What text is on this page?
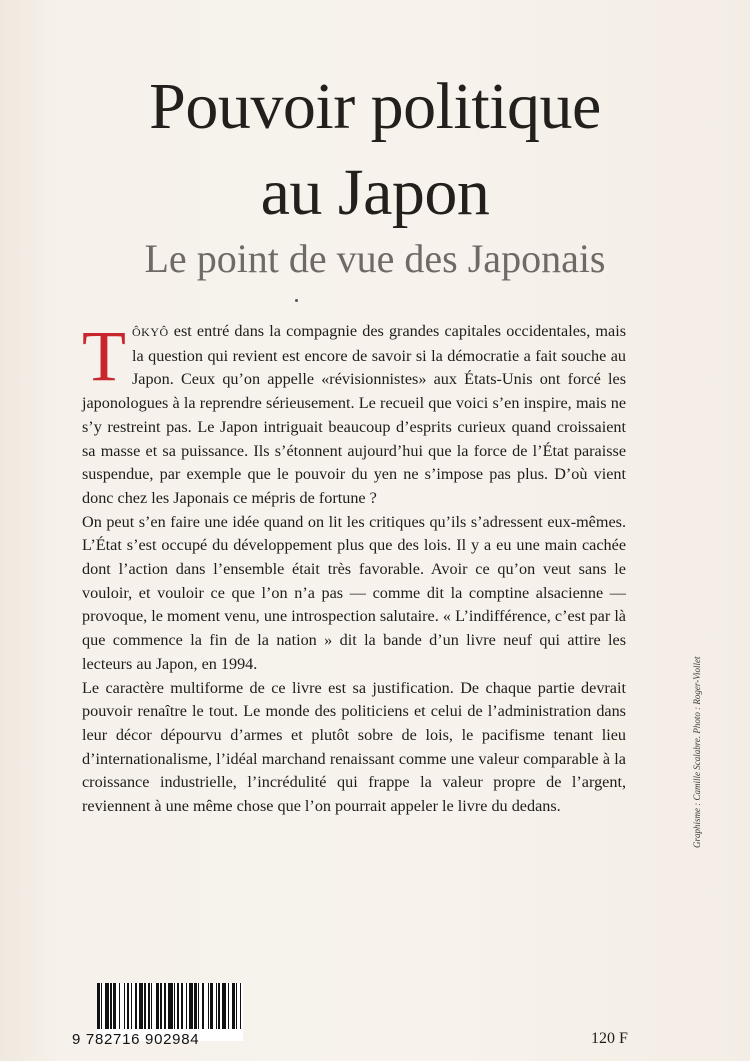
Pouvoir politique
au Japon
Le point de vue des Japonais

TÔKYÔ est entré dans la compagnie des grandes capitales occidentales, mais la question qui revient est encore de savoir si la démocratie a fait souche au Japon. Ceux qu’on appelle «révisionnistes» aux États-Unis ont forcé les japonologues à la reprendre sérieusement. Le recueil que voici s’en inspire, mais ne s’y restreint pas. Le Japon intriguait beaucoup d’esprits curieux quand croissaient sa masse et sa puissance. Ils s’étonnent aujourd’hui que la force de l’État paraisse suspendue, par exemple que le pouvoir du yen ne s’impose pas plus. D’où vient donc chez les Japonais ce mépris de fortune ?

On peut s’en faire une idée quand on lit les critiques qu’ils s’adressent eux-mêmes. L’État s’est occupé du développement plus que des lois. Il y a eu une main cachée dont l’action dans l’ensemble était très favorable. Avoir ce qu’on veut sans le vouloir, et vouloir ce que l’on n’a pas — comme dit la comptine alsacienne — provoque, le moment venu, une introspection salutaire. « L’indifférence, c’est par là que commence la fin de la nation » dit la bande d’un livre neuf qui attire les lecteurs au Japon, en 1994.

Le caractère multiforme de ce livre est sa justification. De chaque partie devrait pouvoir renaître le tout. Le monde des politiciens et celui de l’administration dans leur décor dépourvu d’armes et plutôt sobre de lois, le pacifisme tenant lieu d’internationalisme, l’idéal marchand renaissant comme une valeur comparable à la croissance industrielle, l’incrédulité qui frappe la valeur propre de l’argent, reviennent à une même chose que l’on pourrait appeler le livre du dedans.	Graphisme : Camille Scalabre. Photo : Roger-Viollet
9 782716 902984	120 F
